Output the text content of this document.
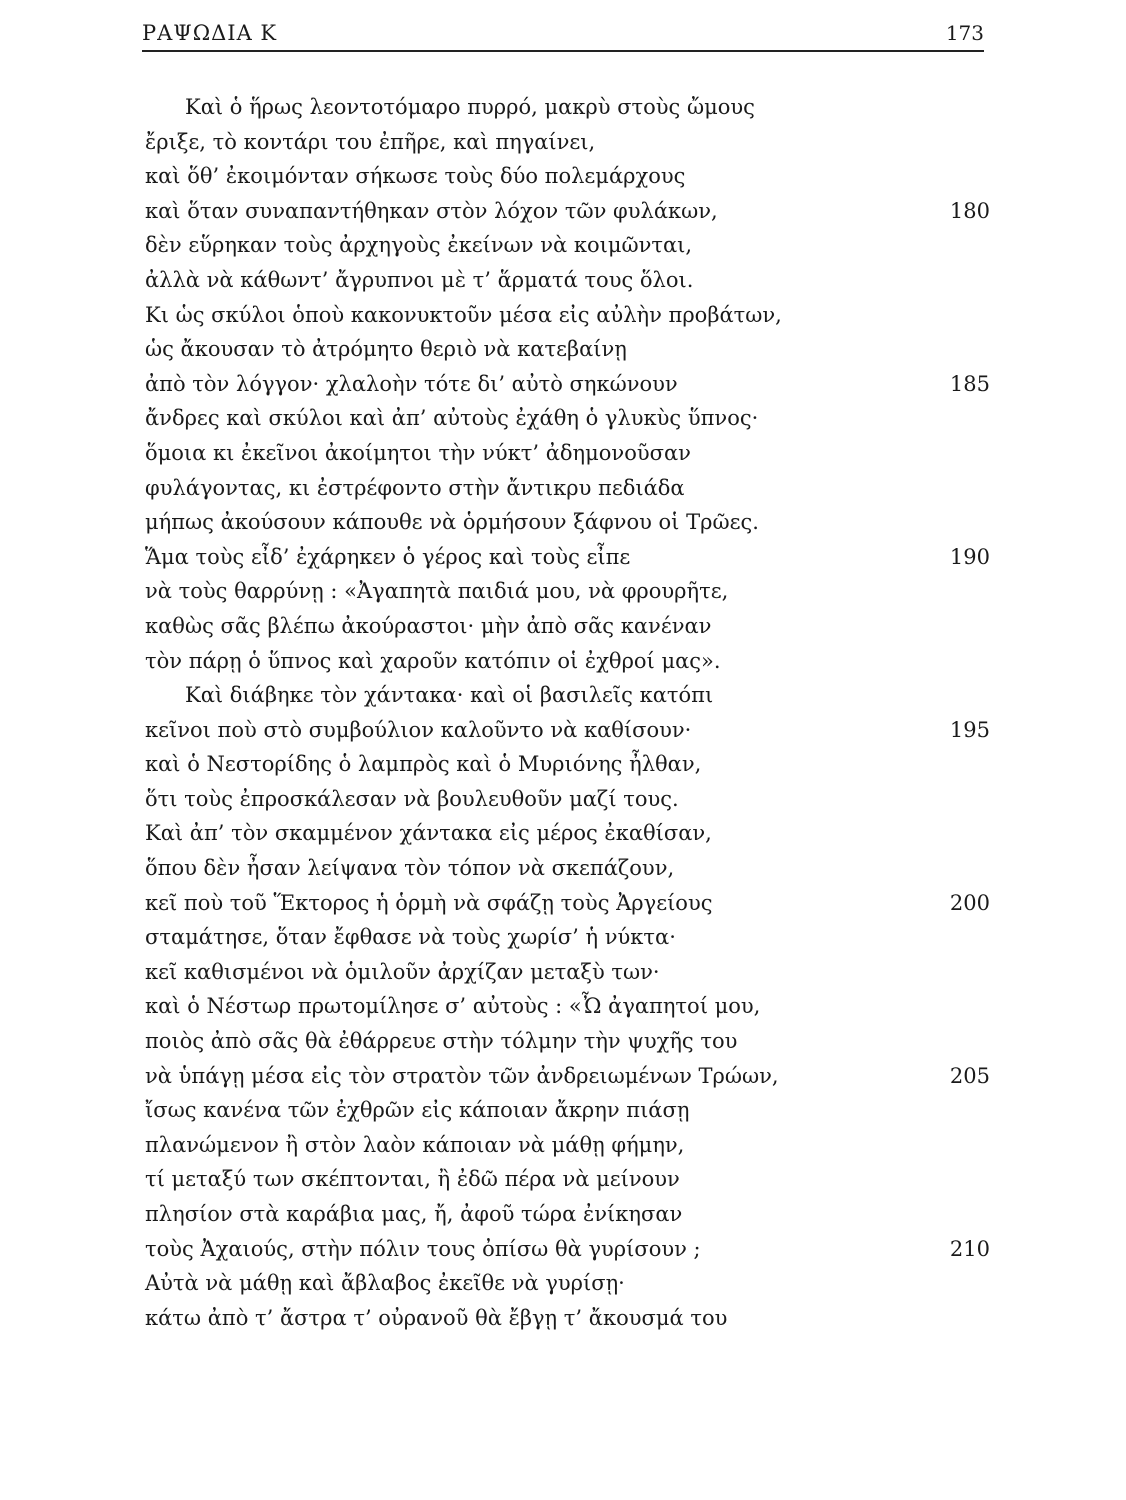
ΡΑΨΩΔΙΑ Κ	173
Καὶ ὁ ἥρως λεοντοτόμαρο πυρρό, μακρὺ στοὺς ὤμους
ἔριξε, τὸ κοντάρι του ἐπῆρε, καὶ πηγαίνει,
καὶ ὅθ’ ἐκοιμόνταν σήκωσε τοὺς δύο πολεμάρχους
καὶ ὅταν συναπαντήθηκαν στὸν λόχον τῶν φυλάκων,	180
δὲν εὕρηκαν τοὺς ἀρχηγοὺς ἐκείνων νὰ κοιμῶνται,
ἀλλὰ νὰ κάθωντ’ ἄγρυπνοι μὲ τ’ ἅρματά τους ὅλοι.
Κι ὡς σκύλοι ὁποὺ κακονυκτοῦν μέσα εἰς αὐλὴν προβάτων,
ὡς ἄκουσαν τὸ ἀτρόμητο θεριὸ νὰ κατεβαίνῃ
ἀπὸ τὸν λόγγον· χλαλοὴν τότε δι’ αὐτὸ σηκώνουν	185
ἄνδρες καὶ σκύλοι καὶ ἀπ’ αὐτοὺς ἐχάθη ὁ γλυκὺς ὕπνος·
ὅμοια κι ἐκεῖνοι ἀκοίμητοι τὴν νύκτ’ ἀδημονοῦσαν
φυλάγοντας, κι ἐστρέφοντο στὴν ἄντικρυ πεδιάδα
μήπως ἀκούσουν κάπουθε νὰ ὁρμήσουν ξάφνου οἱ Τρῶες.
Ἅμα τοὺς εἶδ’ ἐχάρηκεν ὁ γέρος καὶ τοὺς εἶπε	190
νὰ τοὺς θαρρύνῃ : «Ἀγαπητὰ παιδιά μου, νὰ φρουρῆτε,
καθὼς σᾶς βλέπω ἀκούραστοι· μὴν ἀπὸ σᾶς κανέναν
τὸν πάρῃ ὁ ὕπνος καὶ χαροῦν κατόπιν οἱ ἐχθροί μας».
Καὶ διάβηκε τὸν χάντακα· καὶ οἱ βασιλεῖς κατόπι
κεῖνοι ποὺ στὸ συμβούλιον καλοῦντο νὰ καθίσουν·	195
καὶ ὁ Νεστορίδης ὁ λαμπρὸς καὶ ὁ Μυριόνης ἦλθαν,
ὅτι τοὺς ἐπροσκάλεσαν νὰ βουλευθοῦν μαζί τους.
Καὶ ἀπ’ τὸν σκαμμένον χάντακα εἰς μέρος ἐκαθίσαν,
ὅπου δὲν ἦσαν λείψανα τὸν τόπον νὰ σκεπάζουν,
κεῖ ποὺ τοῦ Ἕκτορος ἡ ὁρμὴ νὰ σφάζῃ τοὺς Ἀργείους	200
σταμάτησε, ὅταν ἔφθασε νὰ τοὺς χωρίσ’ ἡ νύκτα·
κεῖ καθισμένοι νὰ ὁμιλοῦν ἀρχίζαν μεταξὺ των·
καὶ ὁ Νέστωρ πρωτομίλησε σ’ αὐτοὺς : «Ὦ ἀγαπητοί μου,
ποιὸς ἀπὸ σᾶς θὰ ἐθάρρευε στὴν τόλμην τὴν ψυχῆς του
νὰ ὑπάγῃ μέσα εἰς τὸν στρατὸν τῶν ἀνδρειωμένων Τρώων,	205
ἴσως κανένα τῶν ἐχθρῶν εἰς κάποιαν ἄκρην πιάσῃ
πλανώμενον ἢ στὸν λαὸν κάποιαν νὰ μάθῃ φήμην,
τί μεταξύ των σκέπτονται, ἢ ἐδῶ πέρα νὰ μείνουν
πλησίον στὰ καράβια μας, ἤ, ἀφοῦ τώρα ἐνίκησαν
τοὺς Ἀχαιούς, στὴν πόλιν τους ὀπίσω θὰ γυρίσουν ;	210
Αὐτὰ νὰ μάθῃ καὶ ἄβλαβος ἐκεῖθε νὰ γυρίσῃ·
κάτω ἀπὸ τ’ ἄστρα τ’ οὐρανοῦ θὰ ἔβγῃ τ’ ἄκουσμά του
